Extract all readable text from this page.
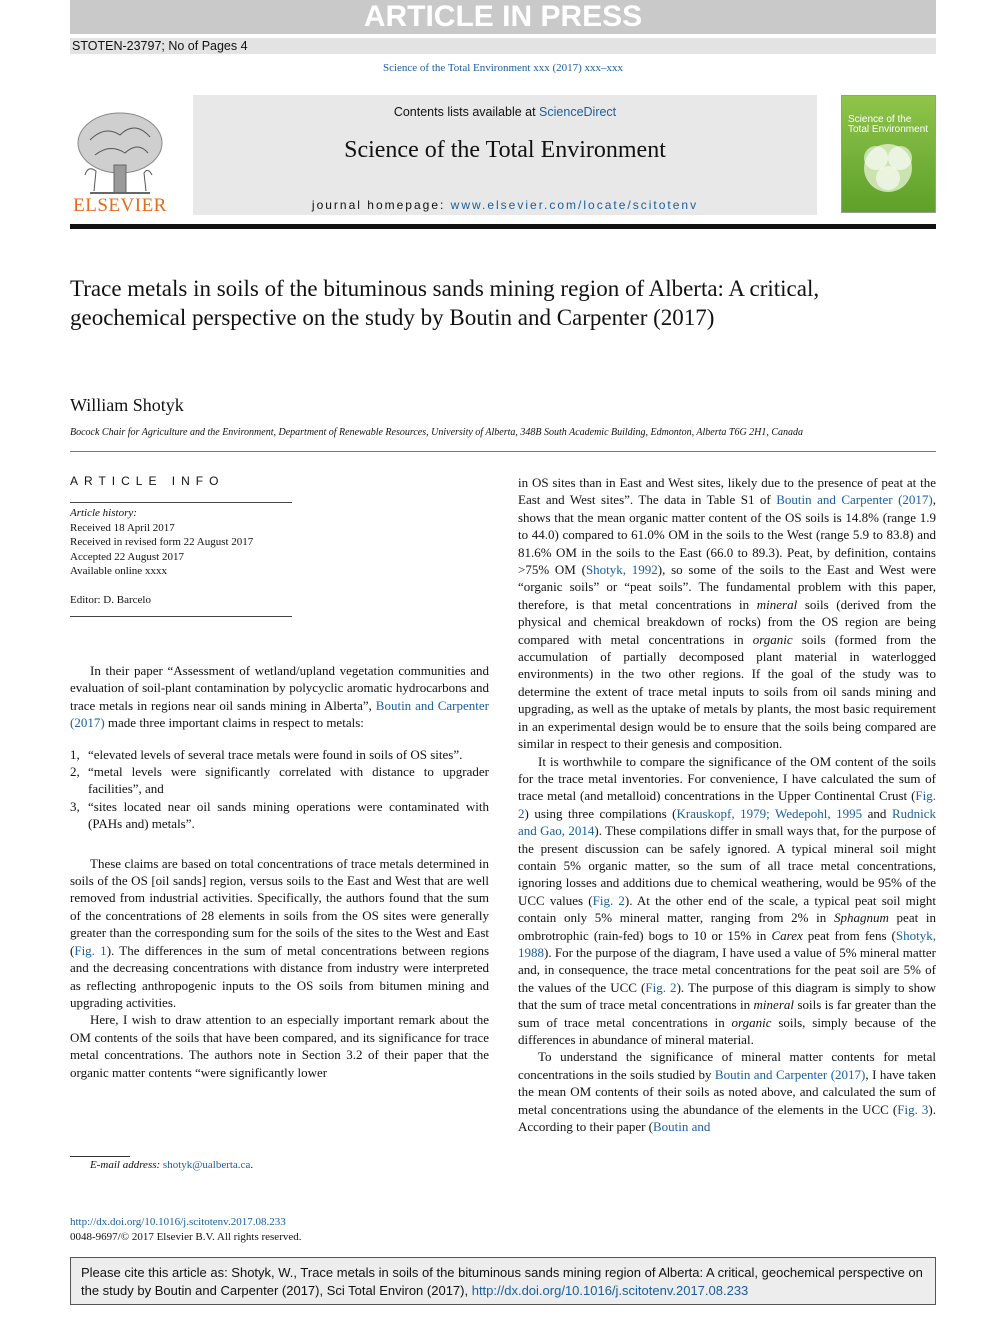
ARTICLE IN PRESS
STOTEN-23797; No of Pages 4
Science of the Total Environment xxx (2017) xxx–xxx
Contents lists available at ScienceDirect
Science of the Total Environment
journal homepage: www.elsevier.com/locate/scitotenv
ELSEVIER
Science of the Total Environment
Trace metals in soils of the bituminous sands mining region of Alberta: A critical, geochemical perspective on the study by Boutin and Carpenter (2017)
William Shotyk
Bocock Chair for Agriculture and the Environment, Department of Renewable Resources, University of Alberta, 348B South Academic Building, Edmonton, Alberta T6G 2H1, Canada
ARTICLE INFO
Article history:
Received 18 April 2017
Received in revised form 22 August 2017
Accepted 22 August 2017
Available online xxxx
Editor: D. Barcelo

In their paper “Assessment of wetland/upland vegetation communities and evaluation of soil-plant contamination by polycyclic aromatic hydrocarbons and trace metals in regions near oil sands mining in Alberta”, Boutin and Carpenter (2017) made three important claims in respect to metals:

1, “elevated levels of several trace metals were found in soils of OS sites”.
2, “metal levels were significantly correlated with distance to upgrader facilities”, and
3, “sites located near oil sands mining operations were contaminated with (PAHs and) metals”.

These claims are based on total concentrations of trace metals determined in soils of the OS [oil sands] region, versus soils to the East and West that are well removed from industrial activities. Specifically, the authors found that the sum of the concentrations of 28 elements in soils from the OS sites were generally greater than the corresponding sum for the soils of the sites to the West and East (Fig. 1). The differences in the sum of metal concentrations between regions and the decreasing concentrations with distance from industry were interpreted as reflecting anthropogenic inputs to the OS soils from bitumen mining and upgrading activities.

Here, I wish to draw attention to an especially important remark about the OM contents of the soils that have been compared, and its significance for trace metal concentrations. The authors note in Section 3.2 of their paper that the organic matter contents “were significantly lower

E-mail address: shotyk@ualberta.ca.

in OS sites than in East and West sites, likely due to the presence of peat at the East and West sites”. The data in Table S1 of Boutin and Carpenter (2017), shows that the mean organic matter content of the OS soils is 14.8% (range 1.9 to 44.0) compared to 61.0% OM in the soils to the West (range 5.9 to 83.8) and 81.6% OM in the soils to the East (66.0 to 89.3). Peat, by definition, contains >75% OM (Shotyk, 1992), so some of the soils to the East and West were “organic soils” or “peat soils”. The fundamental problem with this paper, therefore, is that metal concentrations in mineral soils (derived from the physical and chemical breakdown of rocks) from the OS region are being compared with metal concentrations in organic soils (formed from the accumulation of partially decomposed plant material in waterlogged environments) in the two other regions. If the goal of the study was to determine the extent of trace metal inputs to soils from oil sands mining and upgrading, as well as the uptake of metals by plants, the most basic requirement in an experimental design would be to ensure that the soils being compared are similar in respect to their genesis and composition.

It is worthwhile to compare the significance of the OM content of the soils for the trace metal inventories. For convenience, I have calculated the sum of trace metal (and metalloid) concentrations in the Upper Continental Crust (Fig. 2) using three compilations (Krauskopf, 1979; Wedepohl, 1995 and Rudnick and Gao, 2014). These compilations differ in small ways that, for the purpose of the present discussion can be safely ignored. A typical mineral soil might contain 5% organic matter, so the sum of all trace metal concentrations, ignoring losses and additions due to chemical weathering, would be 95% of the UCC values (Fig. 2). At the other end of the scale, a typical peat soil might contain only 5% mineral matter, ranging from 2% in Sphagnum peat in ombrotrophic (rain-fed) bogs to 10 or 15% in Carex peat from fens (Shotyk, 1988). For the purpose of the diagram, I have used a value of 5% mineral matter and, in consequence, the trace metal concentrations for the peat soil are 5% of the values of the UCC (Fig. 2). The purpose of this diagram is simply to show that the sum of trace metal concentrations in mineral soils is far greater than the sum of trace metal concentrations in organic soils, simply because of the differences in abundance of mineral material.

To understand the significance of mineral matter contents for metal concentrations in the soils studied by Boutin and Carpenter (2017), I have taken the mean OM contents of their soils as noted above, and calculated the sum of metal concentrations using the abundance of the elements in the UCC (Fig. 3). According to their paper (Boutin and

http://dx.doi.org/10.1016/j.scitotenv.2017.08.233
0048-9697/© 2017 Elsevier B.V. All rights reserved.
Please cite this article as: Shotyk, W., Trace metals in soils of the bituminous sands mining region of Alberta: A critical, geochemical perspective on the study by Boutin and Carpenter (2017), Sci Total Environ (2017), http://dx.doi.org/10.1016/j.scitotenv.2017.08.233
